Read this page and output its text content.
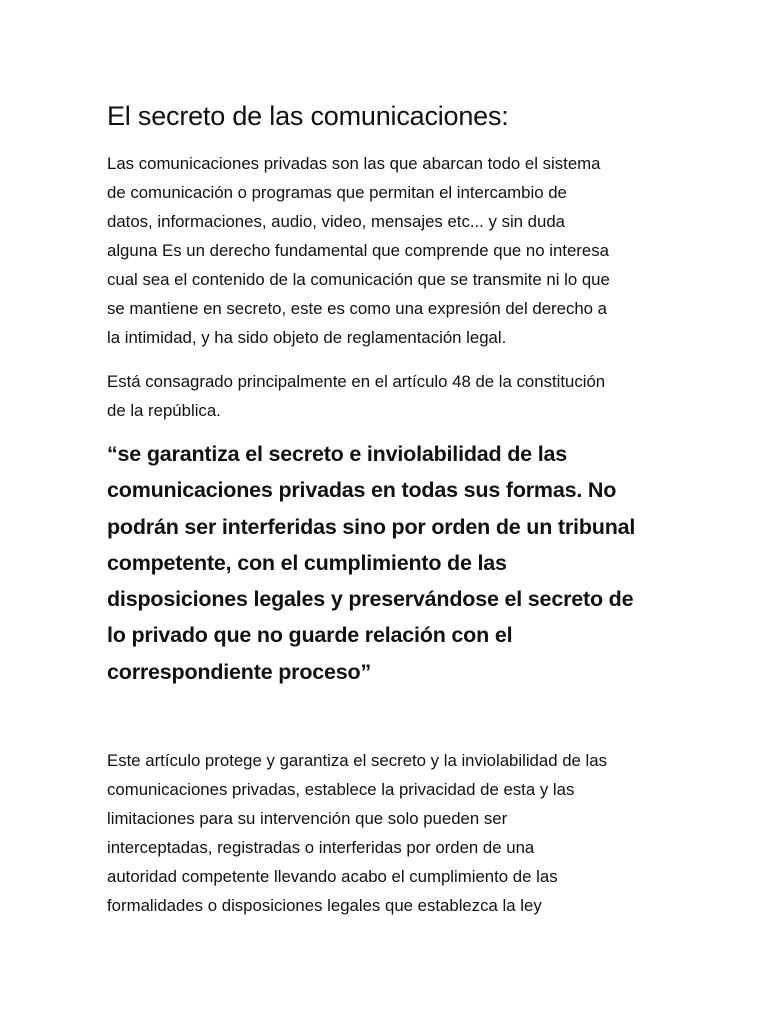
El secreto de las comunicaciones:

Las comunicaciones privadas son las que abarcan todo el sistema
de comunicación o programas que permitan el intercambio de
datos, informaciones, audio, video, mensajes etc... y sin duda
alguna Es un derecho fundamental que comprende que no interesa
cual sea el contenido de la comunicación que se transmite ni lo que
se mantiene en secreto, este es como una expresión del derecho a
la intimidad, y ha sido objeto de reglamentación legal.

Está consagrado principalmente en el artículo 48 de la constitución
de la república.

“se garantiza el secreto e inviolabilidad de las
comunicaciones privadas en todas sus formas. No
podrán ser interferidas sino por orden de un tribunal
competente, con el cumplimiento de las
disposiciones legales y preservándose el secreto de
lo privado que no guarde relación con el
correspondiente proceso”

Este artículo protege y garantiza el secreto y la inviolabilidad de las
comunicaciones privadas, establece la privacidad de esta y las
limitaciones para su intervención que solo pueden ser
interceptadas, registradas o interferidas por orden de una
autoridad competente llevando acabo el cumplimiento de las
formalidades o disposiciones legales que establezca la ley
